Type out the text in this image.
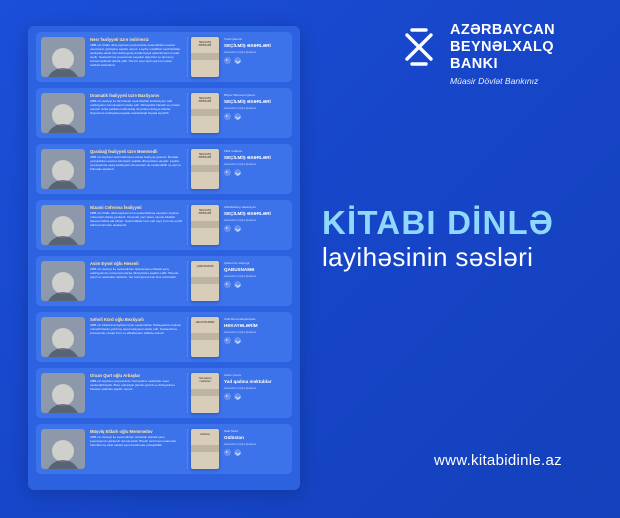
Nəsr fəaliyyəti üzrə indirimsiz
ABB-nin Kitabı dinlə layihəsi çərçivəsində səsləndirilən əsərlər oxucuların görüşünə təqdim olunur. Layihə müəllifləri səsli kitablar vasitəsilə ədəbi irsin daha geniş auditoriyaya çatdırılmasını hədəf seçib. Səsləndirmə prosesində peşəkar aktyorlar və tanınmış ictimai xadimlər iştirak edib. Hər bir əsər üçün ayrıca musiqi tərtibatı hazırlanıb.
SEÇİLMİŞ ƏSƏRLƏR
Tural Qasımlı
SEÇİLMİŞ ƏSƏRLƏRİ
Səsləndirən: layihə iştirakçısı
Dramatik fəaliyyəti üzrə Baxtiyarov
ABB-nin dəstəyi ilə hazırlanan səsli kitablar kolleksiyası milli ədəbiyyatın nümunələrini əhatə edir. Dinləyicilər klassik və müasir əsərləri rahat şəkildə mobil tətbiq üzərindən dinləyə bilərlər. Səsyazma studiyada peşəkar avadanlıqla həyata keçirilib.
SEÇİLMİŞ ƏSƏRLƏR
Əliyev Məmməd Qasım
SEÇİLMİŞ ƏSƏRLƏRİ
Səsləndirən: layihə iştirakçısı
Qarabağ fəaliyyəti üzrə Məmmədli
ABB-nin layihəsi səsli kitabxana olaraq fəaliyyət göstərir. Burada yerləşdirilən əsərlər ödənişsiz şəkildə dinləyicilərə açıqdır. Layihə çərçivəsində uşaq ədəbiyyatı nümunələri də səsləndirilib və ayrıca bölmədə toplanıb.
SEÇİLMİŞ ƏSƏRLƏR
Tahir Cəlilova
SEÇİLMİŞ ƏSƏRLƏRİ
Səsləndirən: layihə iştirakçısı
Nizami Cəfərova fəaliyyəti
ABB-nin Kitabı dinlə layihəsi üzrə səsləndirilmiş əsərlərin siyahısı mütəmadi olaraq yenilənir. Oxucular yeni əlavə olunan kitablar barədə bildiriş ala bilirlər. Səsli kitablar həm veb sayt, həm də mobil tətbiq üzərindən əlçatandır.
SEÇİLMİŞ ƏSƏRLƏR
Abdullahbey Həsənliyev
SEÇİLMİŞ ƏSƏRLƏRİ
Səsləndirən: layihə iştirakçısı
Asim Eynəl oğlu Həsənli
ABB-nin dəstəyi ilə səsləndirilən Qabusnamə klassik şərq ədəbiyyatının nümunəsi olaraq dinləyicilərə təqdim edilir. Əsərdə öyüd və nəsihətlər toplanıb, hər fəsil ayrıca trek kimi verilmişdir.
QABUSNAMƏ
Qabus bin Vəşmgir
QABUSNAMƏ
Səsləndirən: layihə iştirakçısı
Səfərli Kürd oğlu Bəxtiyarlı
ABB-nin kitabxana layihəsi üçün səsləndirilən Hekayələrim toplusu müxtəlif illərdə yazılmış qısa hekayələri əhatə edir. Səsləndirmə prosesində musiqi fonu və effektlərdən istifadə olunub.
HEKAYƏLƏRİM
Cəlil Məmmədquluzadə
HEKAYƏLƏRİM
Səsləndirən: layihə iştirakçısı
Orxan Qurt oğlu Arbaşlar
ABB-nin layihəsi çərçivəsində Yad qadına məktublar əsəri səsləndirilmişdir. Əsər epistolyar janrda yazılıb və dinləyicilərə hissələr şəklində təqdim olunur.
Yad qadına məktublar
Anton Çexov
Yad qadına məktublar
Səsləndirən: layihə iştirakçısı
Müşvİq Eldarlı oğlu Məmmədov
ABB-nin dəstəyi ilə səsləndirilən Gülüstan klassik şərq poeziyasının görkəmli nümunəsidir. Əsərin tərcüməsi əsasında hazırlanmış səsli variant ayrıca bölmədə yerləşdirilib.
Gülüstan
Sədi Şirazi
Gülüstan
Səsləndirən: layihə iştirakçısı
AZƏRBAYCAN
BEYNƏLXALQ BANKI
Müasir Dövlət Bankınız
KİTABI DİNLƏ
layihəsinin səsləri
www.kitabidinle.az
